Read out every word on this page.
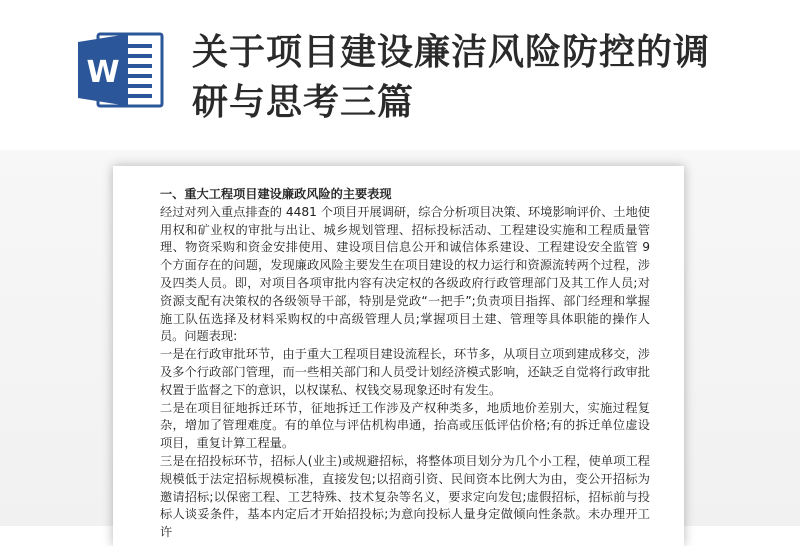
W 关于项目建设廉洁风险防控的调
研与思考三篇

一、重大工程项目建设廉政风险的主要表现

经过对列入重点排查的 4481 个项目开展调研，综合分析项目决策、环境影响评价、土地使用权和矿业权的审批与出让、城乡规划管理、招标投标活动、工程建设实施和工程质量管理、物资采购和资金安排使用、建设项目信息公开和诚信体系建设、工程建设安全监管 9 个方面存在的问题，发现廉政风险主要发生在项目建设的权力运行和资源流转两个过程，涉及四类人员。即，对项目各项审批内容有决定权的各级政府行政管理部门及其工作人员;对资源支配有决策权的各级领导干部，特别是党政“一把手”;负责项目指挥、部门经理和掌握施工队伍选择及材料采购权的中高级管理人员;掌握项目土建、管理等具体职能的操作人员。问题表现:

一是在行政审批环节，由于重大工程项目建设流程长，环节多，从项目立项到建成移交，涉及多个行政部门管理，而一些相关部门和人员受计划经济模式影响，还缺乏自觉将行政审批权置于监督之下的意识，以权谋私、权钱交易现象还时有发生。

二是在项目征地拆迁环节，征地拆迁工作涉及产权种类多，地质地价差别大，实施过程复杂，增加了管理难度。有的单位与评估机构串通，抬高或压低评估价格;有的拆迁单位虚设项目，重复计算工程量。

三是在招投标环节，招标人(业主)或规避招标，将整体项目划分为几个小工程，使单项工程规模低于法定招标规模标准，直接发包;以招商引资、民间资本比例大为由，变公开招标为邀请招标;以保密工程、工艺特殊、技术复杂等名义，要求定向发包;虚假招标，招标前与投标人谈妥条件，基本内定后才开始招投标;为意向投标人量身定做倾向性条款。未办理开工许
